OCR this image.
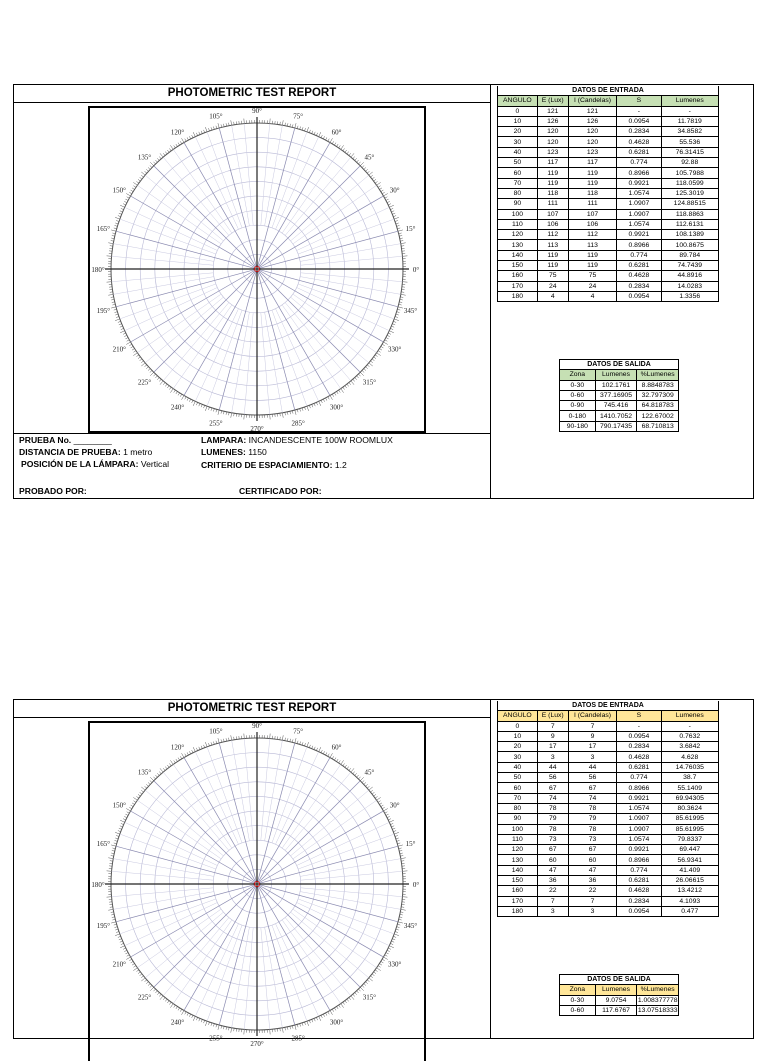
PHOTOMETRIC TEST REPORT
0°
15°
30°
45°
60°
75°
90°
105°
120°
135°
150°
165°
180°
195°
210°
225°
240°
255°
270°
285°
300°
315°
330°
345°
PRUEBA No. ________
DISTANCIA DE PRUEBA: 1 metro
POSICIÓN DE LA LÁMPARA: Vertical
PROBADO POR:
LAMPARA: INCANDESCENTE 100W ROOMLUX
LUMENES: 1150
CRITERIO DE ESPACIAMIENTO: 1.2
CERTIFICADO POR:
DATOS DE ENTRADA				
ANGULO	E (Lux)	I (Candelas)	S	Lumenes
0	121	121	-	-
10	126	126	0.0954	11.7819
20	120	120	0.2834	34.8582
30	120	120	0.4628	55.536
40	123	123	0.6281	76.31415
50	117	117	0.774	92.88
60	119	119	0.8966	105.7988
70	119	119	0.9921	118.0599
80	118	118	1.0574	125.3019
90	111	111	1.0907	124.88515
100	107	107	1.0907	118.8863
110	106	106	1.0574	112.6131
120	112	112	0.9921	108.1389
130	113	113	0.8966	100.8675
140	119	119	0.774	89.784
150	119	119	0.6281	74.7439
160	75	75	0.4628	44.8916
170	24	24	0.2834	14.0283
180	4	4	0.0954	1.3356
DATOS DE SALIDA		
Zona	Lumenes	%Lumenes
0-30	102.1761	8.8848783
0-60	377.16905	32.797309
0-90	745.416	64.818783
0-180	1410.7052	122.67002
90-180	790.17435	68.710813
PHOTOMETRIC TEST REPORT
0°
15°
30°
45°
60°
75°
90°
105°
120°
135°
150°
165°
180°
195°
210°
225°
240°
255°
270°
285°
300°
315°
330°
345°
DATOS DE ENTRADA				
ANGULO	E (Lux)	I (Candelas)	S	Lumenes
0	7	7	-	-
10	9	9	0.0954	0.7632
20	17	17	0.2834	3.6842
30	3	3	0.4628	4.628
40	44	44	0.6281	14.76035
50	56	56	0.774	38.7
60	67	67	0.8966	55.1409
70	74	74	0.9921	69.94305
80	78	78	1.0574	80.3624
90	79	79	1.0907	85.61995
100	78	78	1.0907	85.61995
110	73	73	1.0574	79.8337
120	67	67	0.9921	69.447
130	60	60	0.8966	56.9341
140	47	47	0.774	41.409
150	36	36	0.6281	26.06615
160	22	22	0.4628	13.4212
170	7	7	0.2834	4.1093
180	3	3	0.0954	0.477
DATOS DE SALIDA		
Zona	Lumenes	%Lumenes
0-30	9.0754	1.008377778
0-60	117.6767	13.07518333
